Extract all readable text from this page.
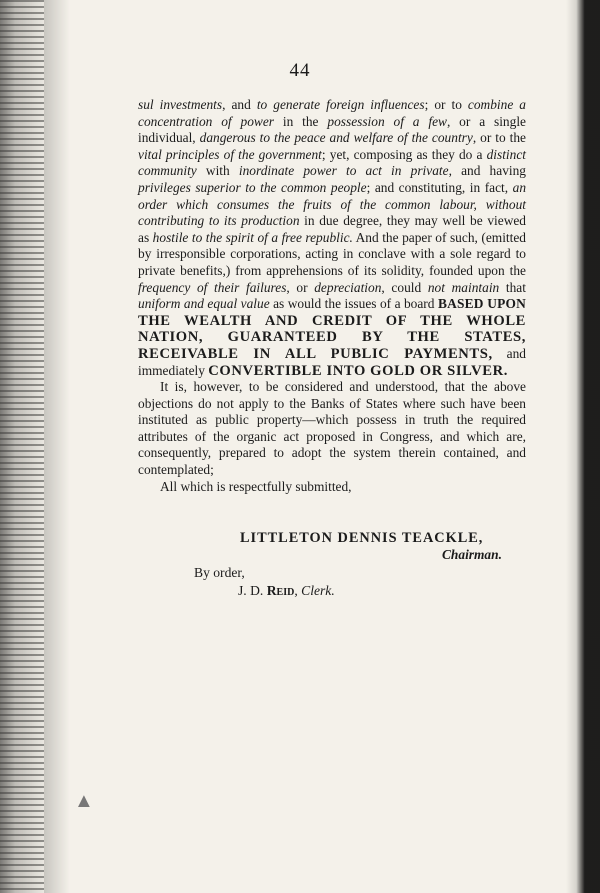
44

sul investments, and to generate foreign influences; or to combine a concentration of power in the possession of a few, or a single individual, dangerous to the peace and welfare of the country, or to the vital principles of the government; yet, composing as they do a distinct community with inordinate power to act in private, and having privileges superior to the common people; and constituting, in fact, an order which consumes the fruits of the common labour, without contributing to its production in due degree, they may well be viewed as hostile to the spirit of a free republic. And the paper of such, (emitted by irresponsible corporations, acting in conclave with a sole regard to private benefits,) from apprehensions of its solidity, founded upon the frequency of their failures, or depreciation, could not maintain that uniform and equal value as would the issues of a board BASED UPON THE WEALTH AND CREDIT OF THE WHOLE NATION, GUARANTEED BY THE STATES, RECEIVABLE IN ALL PUBLIC PAYMENTS, and immediately CONVERTIBLE INTO GOLD OR SILVER.

It is, however, to be considered and understood, that the above objections do not apply to the Banks of States where such have been instituted as public property—which possess in truth the required attributes of the organic act proposed in Congress, and which are, consequently, prepared to adopt the system therein contained, and contemplated;

All which is respectfully submitted,

LITTLETON DENNIS TEACKLE,
Chairman.
By order,
J. D. Reid, Clerk.
▲
